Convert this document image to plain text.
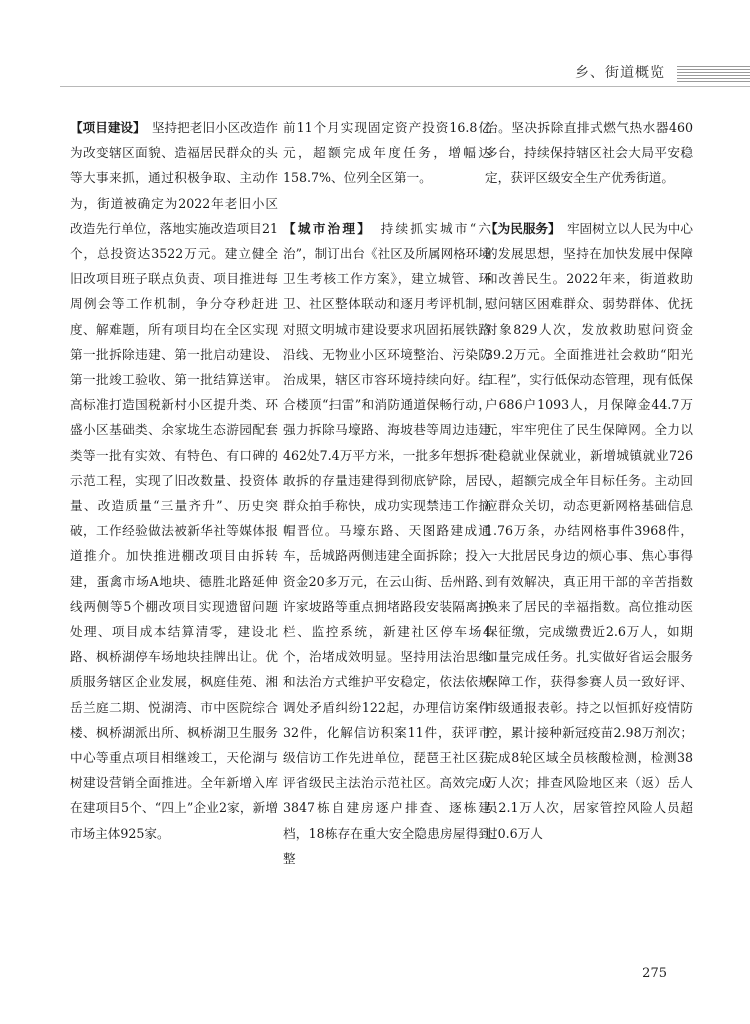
乡、街道概览

【项目建设】　 坚持把老旧小区改造作为改变辖区面貌、造福居民群众的头等大事来抓，通过积极争取、主动作为，街道被确定为2022年老旧小区改造先行单位，落地实施改造项目21个，总投资达3522万元。建立健全旧改项目班子联点负责、项目推进每周例会等工作机制，争分夺秒赶进度、解难题，所有项目均在全区实现第一批拆除违建、第一批启动建设、第一批竣工验收、第一批结算送审。高标准打造国税新村小区提升类、环盛小区基础类、余家垅生态游园配套类等一批有实效、有特色、有口碑的示范工程，实现了旧改数量、投资体量、改造质量“三量齐升”、历史突破，工作经验做法被新华社等媒体报道推介。加快推进棚改项目由拆转建，蛋禽市场A地块、德胜北路延伸线两侧等5个棚改项目实现遗留问题处理、项目成本结算清零，建设北路、枫桥湖停车场地块挂牌出让。优质服务辖区企业发展，枫庭佳苑、湘岳兰庭二期、悦湖湾、市中医院综合楼、枫桥湖派出所、枫桥湖卫生服务中心等重点项目相继竣工，天伦湖与树建设营销全面推进。全年新增入库在建项目5个、“四上”企业2家，新增市场主体925家。

前11个月实现固定资产投资16.8亿元，超额完成年度任务，增幅达158.7%、位列全区第一。

【城市治理】　 持续抓实城市“六治”，制订出台《社区及所属网格环境卫生考核工作方案》，建立城管、环卫、社区整体联动和逐月考评机制，对照文明城市建设要求巩固拓展铁路沿线、无物业小区环境整治、污染防治成果，辖区市容环境持续向好。结合楼顶“扫雷”和消防通道保畅行动，强力拆除马壕路、海坡巷等周边违建462处7.4万平方米，一批多年想拆不敢拆的存量违建得到彻底铲除，居民群众拍手称快，成功实现禁违工作摘帽晋位。马壕东路、天图路建成通车，岳城路两侧违建全面拆除；投入资金20多万元，在云山街、岳州路、许家坡路等重点拥堵路段安装隔离护栏、监控系统，新建社区停车场4个，治堵成效明显。坚持用法治思维和法治方式维护平安稳定，依法依规调处矛盾纠纷122起，办理信访案件32件，化解信访积案11件，获评市级信访工作先进单位，琵琶王社区获评省级民主法治示范社区。高效完成3847栋自建房逐户排查、逐栋建档，18栋存在重大安全隐患房屋得到整

治。坚决拆除直排式燃气热水器460多台，持续保持辖区社会大局平安稳定，获评区级安全生产优秀街道。

【为民服务】　 牢固树立以人民为中心的发展思想，坚持在加快发展中保障和改善民生。2022年来，街道救助慰问辖区困难群众、弱势群体、优抚对象829人次，发放救助慰问资金39.2万元。全面推进社会救助“阳光工程”，实行低保动态管理，现有低保户686户1093人，月保障金44.7万元，牢牢兜住了民生保障网。全力以赴稳就业保就业，新增城镇就业726人，超额完成全年目标任务。主动回应群众关切，动态更新网格基础信息1.76万条，办结网格事件3968件，一大批居民身边的烦心事、焦心事得到有效解决，真正用干部的辛苦指数换来了居民的幸福指数。高位推动医保征缴，完成缴费近2.6万人，如期如量完成任务。扎实做好省运会服务保障工作，获得参赛人员一致好评、市级通报表彰。持之以恒抓好疫情防控，累计接种新冠疫苗2.98万剂次；完成8轮区域全员核酸检测，检测38万人次；排查风险地区来（返）岳人员2.1万人次，居家管控风险人员超过0.6万人

275
